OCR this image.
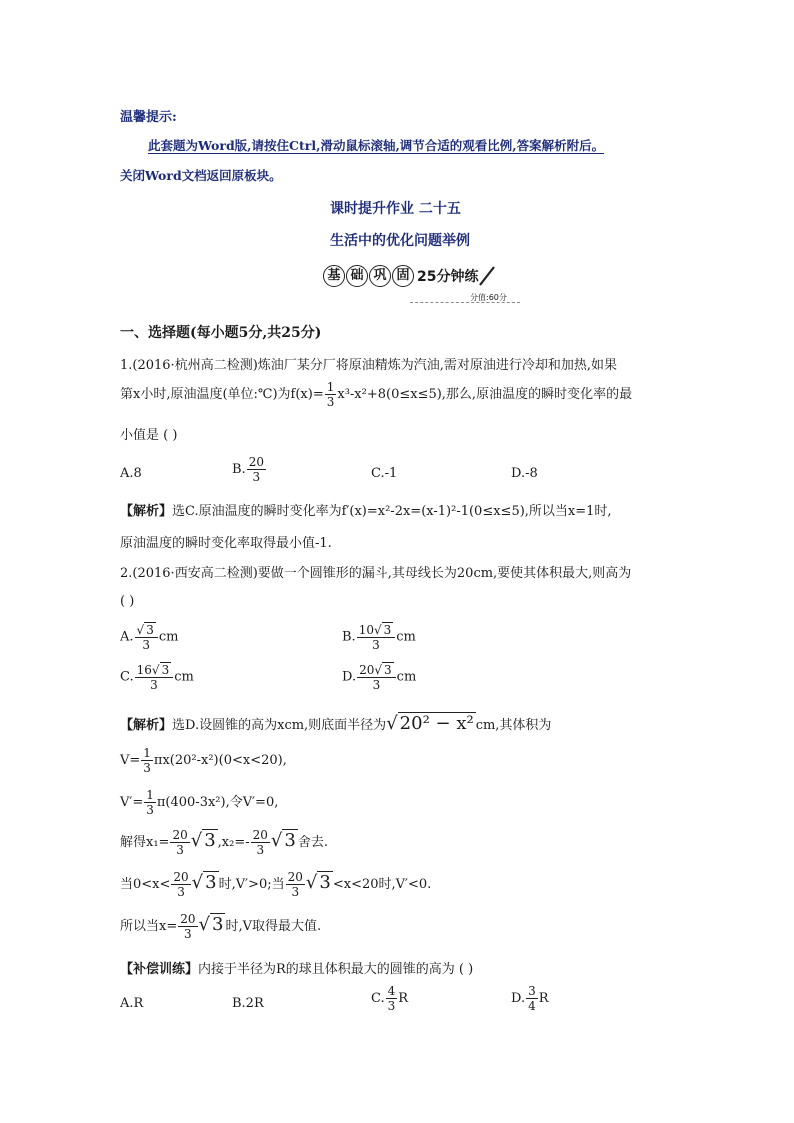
温馨提示:
此套题为Word版,请按住Ctrl,滑动鼠标滚轴,调节合适的观看比例,答案解析附后。
关闭Word文档返回原板块。
课时提升作业 二十五
生活中的优化问题举例
基 础 巩 固 25分钟练
分值:60分
一、选择题(每小题5分,共25分)
1.(2016·杭州高二检测)炼油厂某分厂将原油精炼为汽油,需对原油进行冷却和加热,如果
第x小时,原油温度(单位:℃)为$f(x)= \frac{1}{3} x^3-x^2+8(0\le x\le 5)$,那么,原油温度的瞬时变化率的最
小值是 ( )
A.8	B. $\frac{20}{3}$	C.-1	D.-8
【解析】选C.原油温度的瞬时变化率为f′(x)=x²-2x=(x-1)²-1(0≤x≤5),所以当x=1时,
原油温度的瞬时变化率取得最小值-1.
2.(2016·西安高二检测)要做一个圆锥形的漏斗,其母线长为20cm,要使其体积最大,则高为
( )
A. $\frac{√ 3}{3}$ cm	B. $\frac{10√ 3}{3}$ cm
C. $\frac{16√ 3}{3}$ cm	D. $\frac{20√ 3}{3}$ cm
【解析】选D.设圆锥的高为xcm,则底面半径为√ 20² − x² cm,其体积为
$V= \frac{1}{3} \pi x(20^2-x^2)(0<x<20)$,
$V'= \frac{1}{3} \pi(400-3x^2)$,令V′=0,
解得$x_1= \frac{20}{3}$ √ 3 $,x_2=- \frac{20}{3}$ √ 3 舍去.
当$0<x< \frac{20}{3}$ √ 3 时,V′>0;当 $\frac{20}{3}$ √ 3 <x<20时,V′<0.
所以当$x= \frac{20}{3}$ √ 3 时,V取得最大值.
【补偿训练】内接于半径为R的球且体积最大的圆锥的高为 ( )
A.R	B.2R	C. $\frac{4}{3}$ R	D. $\frac{3}{4}$ R
